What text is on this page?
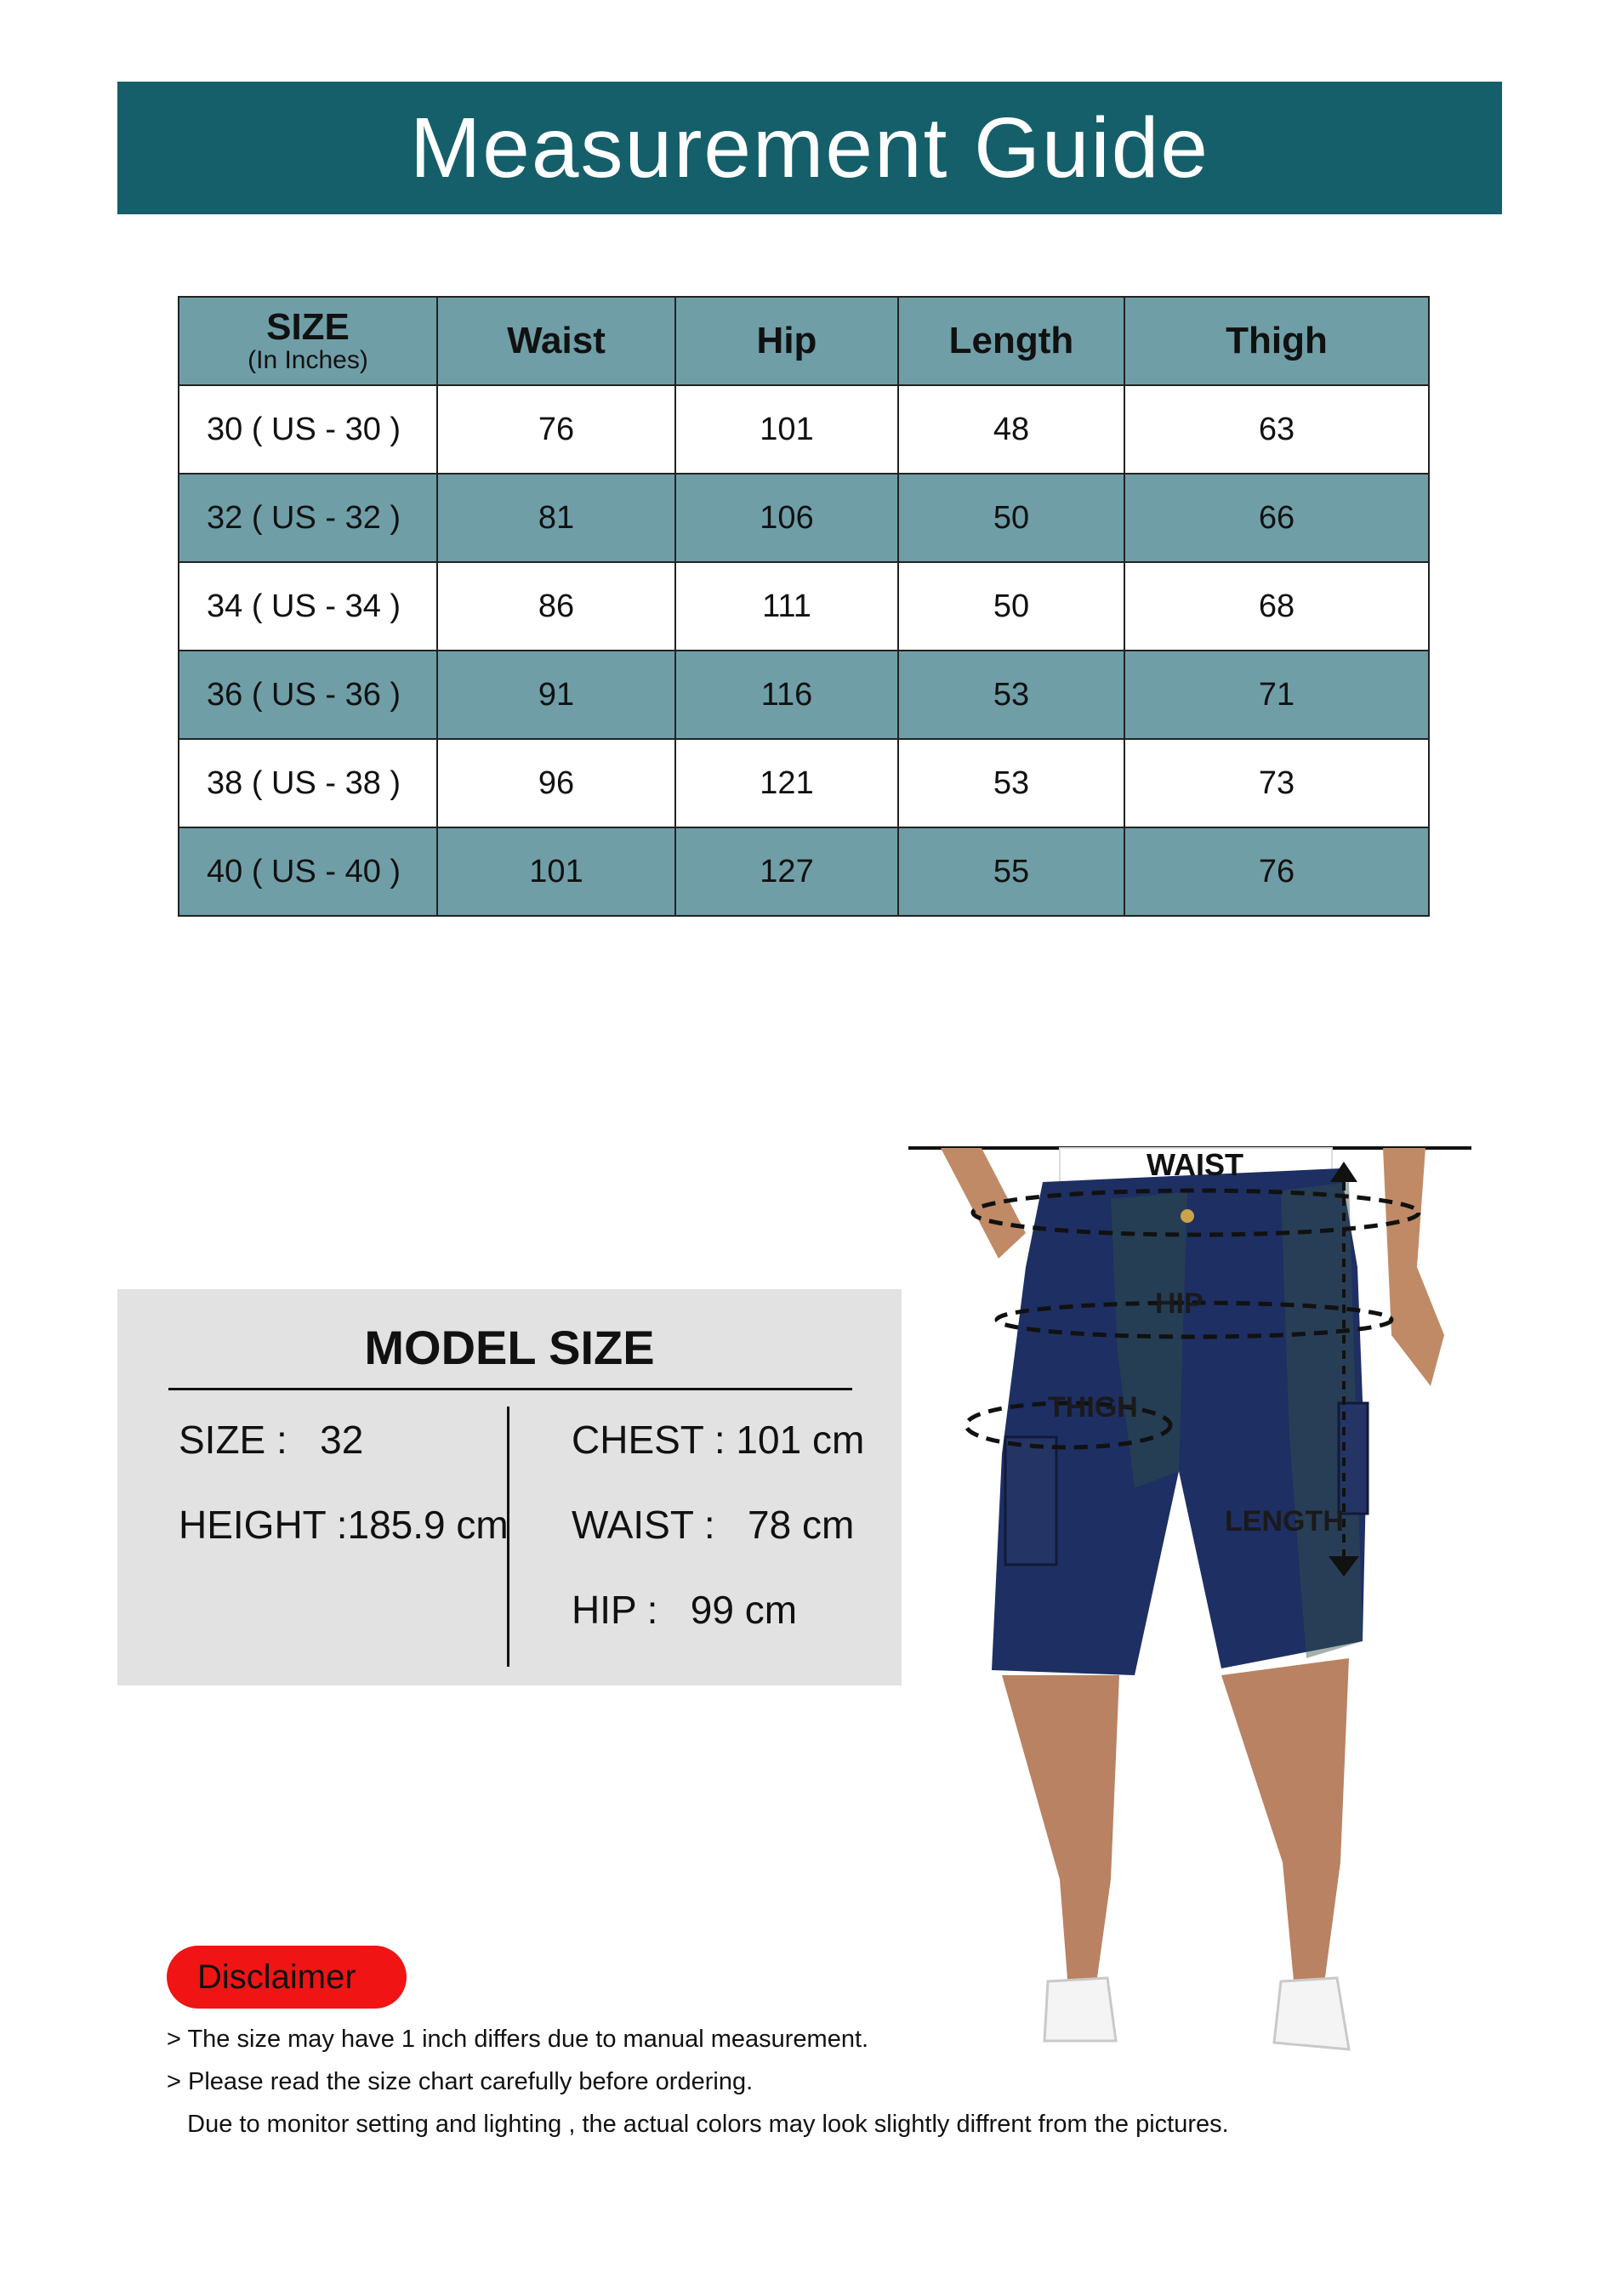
Measurement Guide
SIZE
(In Inches)	Waist	Hip	Length	Thigh
30 ( US - 30 )	76	101	48	63
32 ( US - 32 )	81	106	50	66
34 ( US - 34 )	86	111	50	68
36 ( US - 36 )	91	116	53	71
38 ( US - 38 )	96	121	53	73
40 ( US - 40 )	101	127	55	76
MODEL SIZE
SIZE :   32
HEIGHT :185.9 cm
CHEST : 101 cm
WAIST :   78 cm
HIP :   99 cm
WAIST
HIP
THIGH
LENGTH
Disclaimer
> The size may have 1 inch differs due to manual measurement.
> Please read the size chart carefully before ordering.
Due to monitor setting and lighting , the actual colors may look slightly diffrent from the pictures.
